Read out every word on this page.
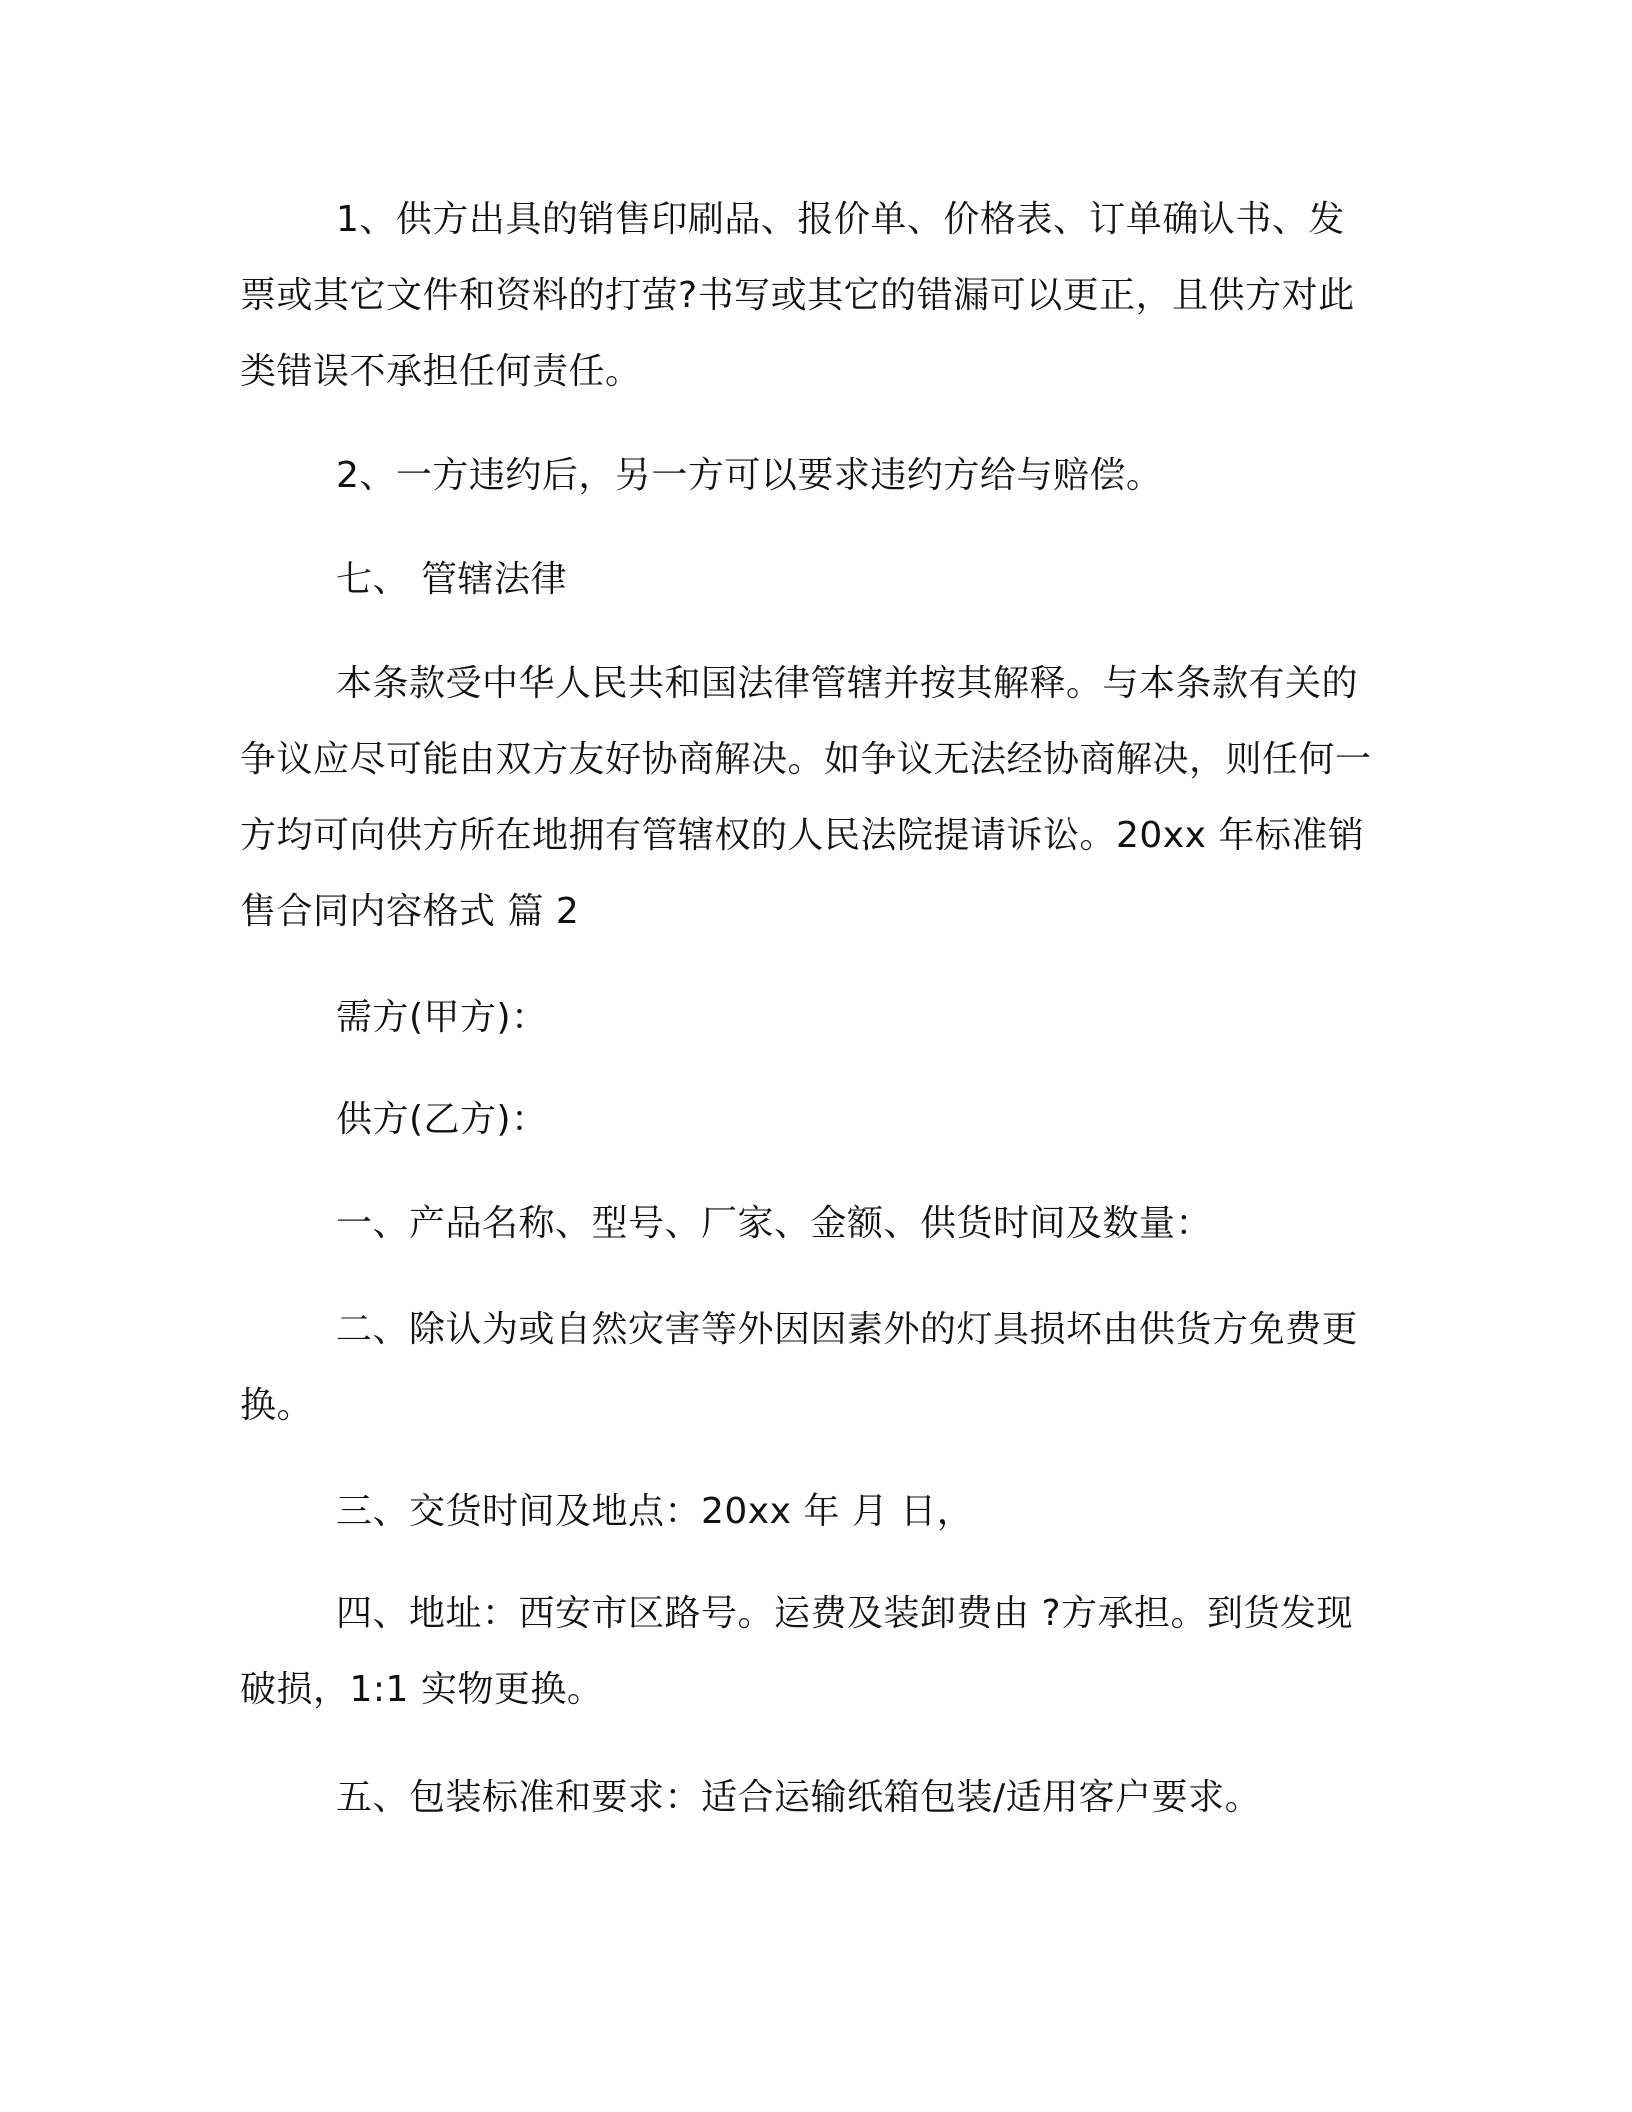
1、供方出具的销售印刷品、报价单、价格表、订单确认书、发票或其它文件和资料的打萤?书写或其它的错漏可以更正，且供方对此类错误不承担任何责任。

2、一方违约后，另一方可以要求违约方给与赔偿。

七、 管辖法律

本条款受中华人民共和国法律管辖并按其解释。与本条款有关的争议应尽可能由双方友好协商解决。如争议无法经协商解决，则任何一方均可向供方所在地拥有管辖权的人民法院提请诉讼。20xx 年标准销售合同内容格式 篇 2

需方(甲方)：

供方(乙方)：

一、产品名称、型号、厂家、金额、供货时间及数量：

二、除认为或自然灾害等外因因素外的灯具损坏由供货方免费更换。

三、交货时间及地点：20xx 年 月 日，

四、地址：西安市区路号。运费及装卸费由 ?方承担。到货发现破损，1:1 实物更换。

五、包装标准和要求：适合运输纸箱包装/适用客户要求。
